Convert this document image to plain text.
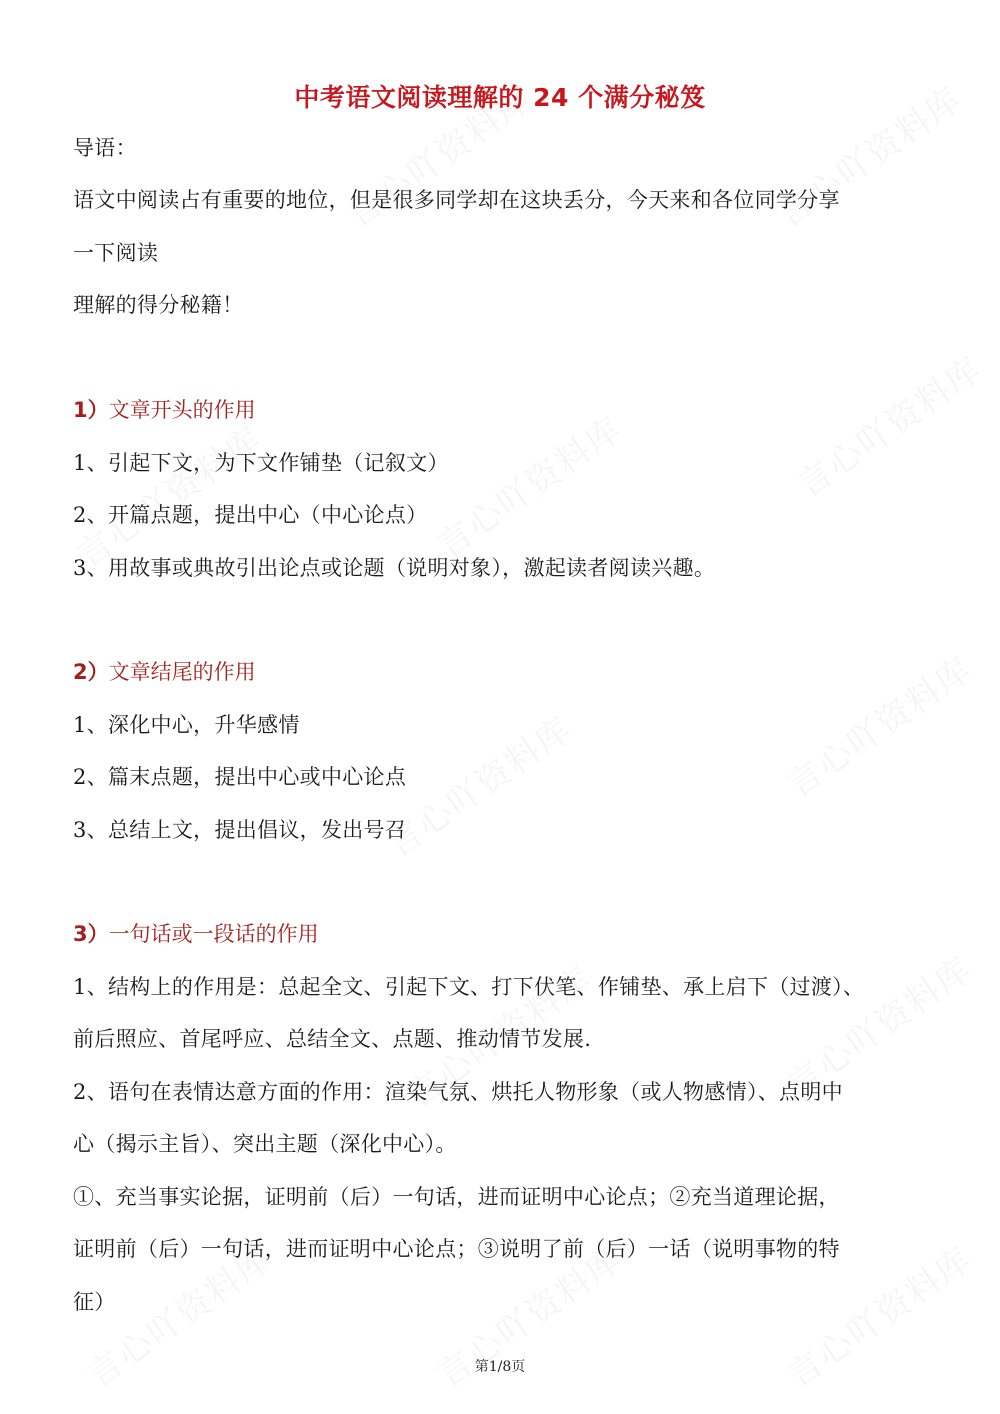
中考语文阅读理解的 24 个满分秘笈
导语：
语文中阅读占有重要的地位，但是很多同学却在这块丢分，今天来和各位同学分享
一下阅读
理解的得分秘籍！
1）文章开头的作用
1、引起下文，为下文作铺垫（记叙文）
2、开篇点题，提出中心（中心论点）
3、用故事或典故引出论点或论题（说明对象），激起读者阅读兴趣。
2）文章结尾的作用
1、深化中心，升华感情
2、篇末点题，提出中心或中心论点
3、总结上文，提出倡议，发出号召
3）一句话或一段话的作用
1、结构上的作用是：总起全文、引起下文、打下伏笔、作铺垫、承上启下（过渡）、
前后照应、首尾呼应、总结全文、点题、推动情节发展.
2、语句在表情达意方面的作用：渲染气氛、烘托人物形象（或人物感情）、点明中
心（揭示主旨）、突出主题（深化中心）。
①、充当事实论据，证明前（后）一句话，进而证明中心论点；②充当道理论据，
证明前（后）一句话，进而证明中心论点；③说明了前（后）一话（说明事物的特
征）
第1/8页
